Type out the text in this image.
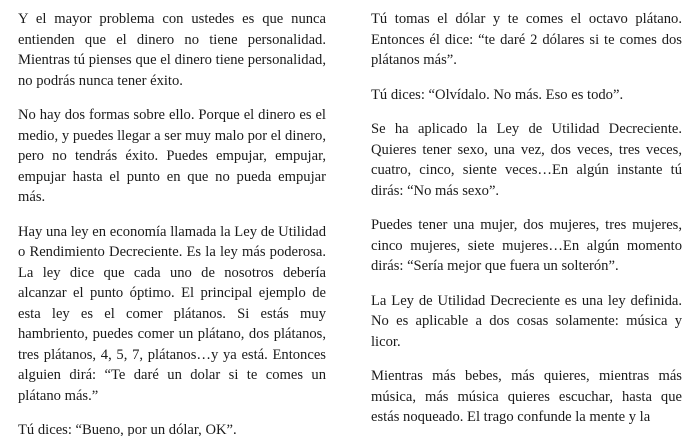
Y el mayor problema con ustedes es que nunca entienden que el dinero no tiene personalidad. Mientras tú pienses que el dinero tiene personalidad, no podrás nunca tener éxito.

No hay dos formas sobre ello. Porque el dinero es el medio, y puedes llegar a ser muy malo por el dinero, pero no tendrás éxito. Puedes empujar, empujar, empujar hasta el punto en que no pueda empujar más.

Hay una ley en economía llamada la Ley de Utilidad o Rendimiento Decreciente. Es la ley más poderosa. La ley dice que cada uno de nosotros debería alcanzar el punto óptimo. El principal ejemplo de esta ley es el comer plátanos. Si estás muy hambriento, puedes comer un plátano, dos plátanos, tres plátanos, 4, 5, 7, plátanos…y ya está. Entonces alguien dirá: “Te daré un dolar si te comes un plátano más.”

Tú dices: “Bueno, por un dólar, OK”.

Tú tomas el dólar y te comes el octavo plátano. Entonces él dice: “te daré 2 dólares si te comes dos plátanos más”.

Tú dices: “Olvídalo. No más. Eso es todo”.

Se ha aplicado la Ley de Utilidad Decreciente. Quieres tener sexo, una vez, dos veces, tres veces, cuatro, cinco, siente veces…En algún instante tú dirás: “No más sexo”.

Puedes tener una mujer, dos mujeres, tres mujeres, cinco mujeres, siete mujeres…En algún momento dirás: “Sería mejor que fuera un solterón”.

La Ley de Utilidad Decreciente es una ley definida. No es aplicable a dos cosas solamente: música y licor.

Mientras más bebes, más quieres, mientras más música, más música quieres escuchar, hasta que estás noqueado. El trago confunde la mente y la
